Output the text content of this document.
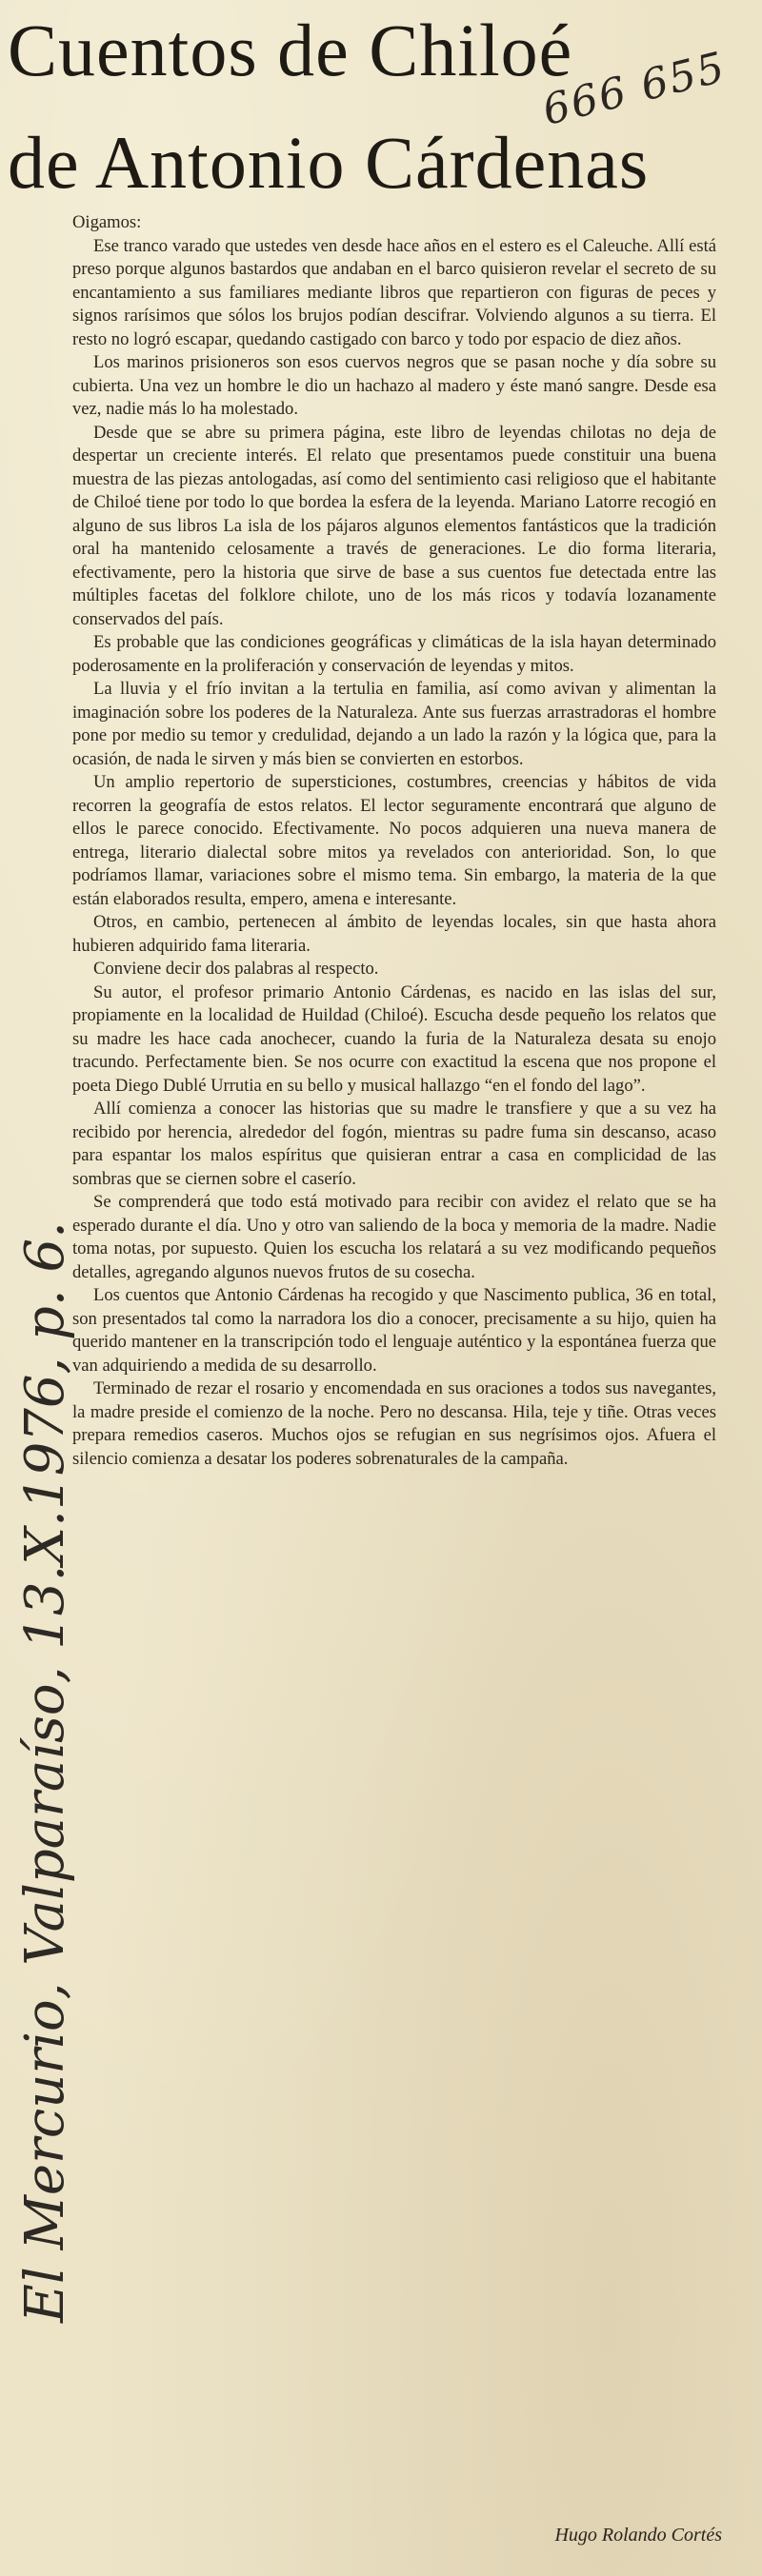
Cuentos de Chiloé
de Antonio Cárdenas
666 655
El Mercurio, Valparaíso, 13.X.1976, p. 6.

Oigamos:

Ese tranco varado que ustedes ven desde hace años en el estero es el Caleuche. Allí está preso porque algunos bastardos que andaban en el barco quisieron revelar el secreto de su encantamiento a sus familiares mediante libros que repartieron con figuras de peces y signos rarísimos que sólos los brujos podían descifrar. Volviendo algunos a su tierra. El resto no logró escapar, quedando castigado con barco y todo por espacio de diez años.

Los marinos prisioneros son esos cuervos negros que se pasan noche y día sobre su cubierta. Una vez un hombre le dio un hachazo al madero y éste manó sangre. Desde esa vez, nadie más lo ha molestado.

Desde que se abre su primera página, este libro de leyendas chilotas no deja de despertar un creciente interés. El relato que presentamos puede constituir una buena muestra de las piezas antologadas, así como del sentimiento casi religioso que el habitante de Chiloé tiene por todo lo que bordea la esfera de la leyenda. Mariano Latorre recogió en alguno de sus libros La isla de los pájaros algunos elementos fantásticos que la tradición oral ha mantenido celosamente a través de generaciones. Le dio forma literaria, efectivamente, pero la historia que sirve de base a sus cuentos fue detectada entre las múltiples facetas del folklore chilote, uno de los más ricos y todavía lozanamente conservados del país.

Es probable que las condiciones geográficas y climáticas de la isla hayan determinado poderosamente en la proliferación y conservación de leyendas y mitos.

La lluvia y el frío invitan a la tertulia en familia, así como avivan y alimentan la imaginación sobre los poderes de la Naturaleza. Ante sus fuerzas arrastradoras el hombre pone por medio su temor y credulidad, dejando a un lado la razón y la lógica que, para la ocasión, de nada le sirven y más bien se convierten en estorbos.

Un amplio repertorio de supersticiones, costumbres, creencias y hábitos de vida recorren la geografía de estos relatos. El lector seguramente encontrará que alguno de ellos le parece conocido. Efectivamente. No pocos adquieren una nueva manera de entrega, literario dialectal sobre mitos ya revelados con anterioridad. Son, lo que podríamos llamar, variaciones sobre el mismo tema. Sin embargo, la materia de la que están elaborados resulta, empero, amena e interesante.

Otros, en cambio, pertenecen al ámbito de leyendas locales, sin que hasta ahora hubieren adquirido fama literaria.

Conviene decir dos palabras al respecto.

Su autor, el profesor primario Antonio Cárdenas, es nacido en las islas del sur, propiamente en la localidad de Huildad (Chiloé). Escucha desde pequeño los relatos que su madre les hace cada anochecer, cuando la furia de la Naturaleza desata su enojo tracundo. Perfectamente bien. Se nos ocurre con exactitud la escena que nos propone el poeta Diego Dublé Urrutia en su bello y musical hallazgo “en el fondo del lago”.

Allí comienza a conocer las historias que su madre le transfiere y que a su vez ha recibido por herencia, alrededor del fogón, mientras su padre fuma sin descanso, acaso para espantar los malos espíritus que quisieran entrar a casa en complicidad de las sombras que se ciernen sobre el caserío.

Se comprenderá que todo está motivado para recibir con avidez el relato que se ha esperado durante el día. Uno y otro van saliendo de la boca y memoria de la madre. Nadie toma notas, por supuesto. Quien los escucha los relatará a su vez modificando pequeños detalles, agregando algunos nuevos frutos de su cosecha.

Los cuentos que Antonio Cárdenas ha recogido y que Nascimento publica, 36 en total, son presentados tal como la narradora los dio a conocer, precisamente a su hijo, quien ha querido mantener en la transcripción todo el lenguaje auténtico y la espontánea fuerza que van adquiriendo a medida de su desarrollo.

Terminado de rezar el rosario y encomendada en sus oraciones a todos sus navegantes, la madre preside el comienzo de la noche. Pero no descansa. Hila, teje y tiñe. Otras veces prepara remedios caseros. Muchos ojos se refugian en sus negrísimos ojos. Afuera el silencio comienza a desatar los poderes sobrenaturales de la campaña.

Hugo Rolando Cortés
